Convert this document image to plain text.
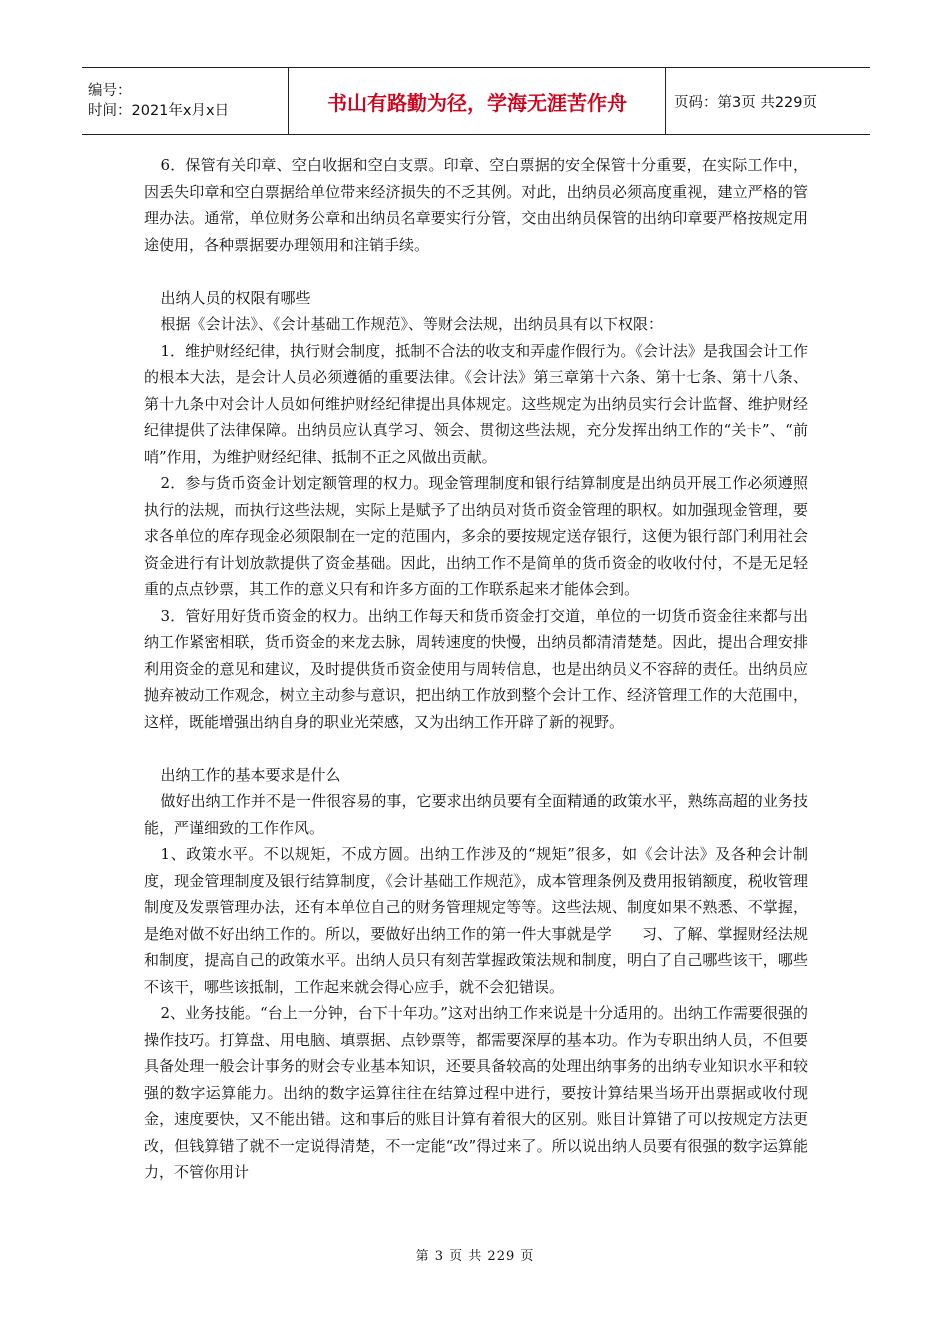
编号：
时间：2021年x月x日	书山有路勤为径，学海无涯苦作舟	页码：第3页 共229页

6．保管有关印章、空白收据和空白支票。印章、空白票据的安全保管十分重要，在实际工作中，因丢失印章和空白票据给单位带来经济损失的不乏其例。对此，出纳员必须高度重视，建立严格的管理办法。通常，单位财务公章和出纳员名章要实行分管，交由出纳员保管的出纳印章要严格按规定用途使用，各种票据要办理领用和注销手续。

出纳人员的权限有哪些

根据《会计法》、《会计基础工作规范》、等财会法规，出纳员具有以下权限：

1．维护财经纪律，执行财会制度，抵制不合法的收支和弄虚作假行为。《会计法》是我国会计工作的根本大法，是会计人员必须遵循的重要法律。《会计法》第三章第十六条、第十七条、第十八条、第十九条中对会计人员如何维护财经纪律提出具体规定。这些规定为出纳员实行会计监督、维护财经纪律提供了法律保障。出纳员应认真学习、领会、贯彻这些法规，充分发挥出纳工作的“关卡”、“前哨”作用，为维护财经纪律、抵制不正之风做出贡献。

2．参与货币资金计划定额管理的权力。现金管理制度和银行结算制度是出纳员开展工作必须遵照执行的法规，而执行这些法规，实际上是赋予了出纳员对货币资金管理的职权。如加强现金管理，要求各单位的库存现金必须限制在一定的范围内，多余的要按规定送存银行，这便为银行部门利用社会资金进行有计划放款提供了资金基础。因此，出纳工作不是简单的货币资金的收收付付，不是无足轻重的点点钞票，其工作的意义只有和许多方面的工作联系起来才能体会到。

3．管好用好货币资金的权力。出纳工作每天和货币资金打交道，单位的一切货币资金往来都与出纳工作紧密相联，货币资金的来龙去脉，周转速度的快慢，出纳员都清清楚楚。因此，提出合理安排利用资金的意见和建议，及时提供货币资金使用与周转信息，也是出纳员义不容辞的责任。出纳员应抛弃被动工作观念，树立主动参与意识，把出纳工作放到整个会计工作、经济管理工作的大范围中，这样，既能增强出纳自身的职业光荣感，又为出纳工作开辟了新的视野。

出纳工作的基本要求是什么

做好出纳工作并不是一件很容易的事，它要求出纳员要有全面精通的政策水平，熟练高超的业务技能，严谨细致的工作作风。

1、政策水平。不以规矩，不成方圆。出纳工作涉及的“规矩”很多，如《会计法》及各种会计制度，现金管理制度及银行结算制度，《会计基础工作规范》，成本管理条例及费用报销额度，税收管理制度及发票管理办法，还有本单位自己的财务管理规定等等。这些法规、制度如果不熟悉、不掌握，是绝对做不好出纳工作的。所以，要做好出纳工作的第一件大事就是学　　习、了解、掌握财经法规和制度，提高自己的政策水平。出纳人员只有刻苦掌握政策法规和制度，明白了自己哪些该干，哪些不该干，哪些该抵制，工作起来就会得心应手，就不会犯错误。

2、业务技能。“台上一分钟，台下十年功。”这对出纳工作来说是十分适用的。出纳工作需要很强的操作技巧。打算盘、用电脑、填票据、点钞票等，都需要深厚的基本功。作为专职出纳人员，不但要具备处理一般会计事务的财会专业基本知识，还要具备较高的处理出纳事务的出纳专业知识水平和较强的数字运算能力。出纳的数字运算往往在结算过程中进行，要按计算结果当场开出票据或收付现金，速度要快，又不能出错。这和事后的账目计算有着很大的区别。账目计算错了可以按规定方法更改，但钱算错了就不一定说得清楚，不一定能“改”得过来了。所以说出纳人员要有很强的数字运算能力，不管你用计

第 3 页 共 229 页
